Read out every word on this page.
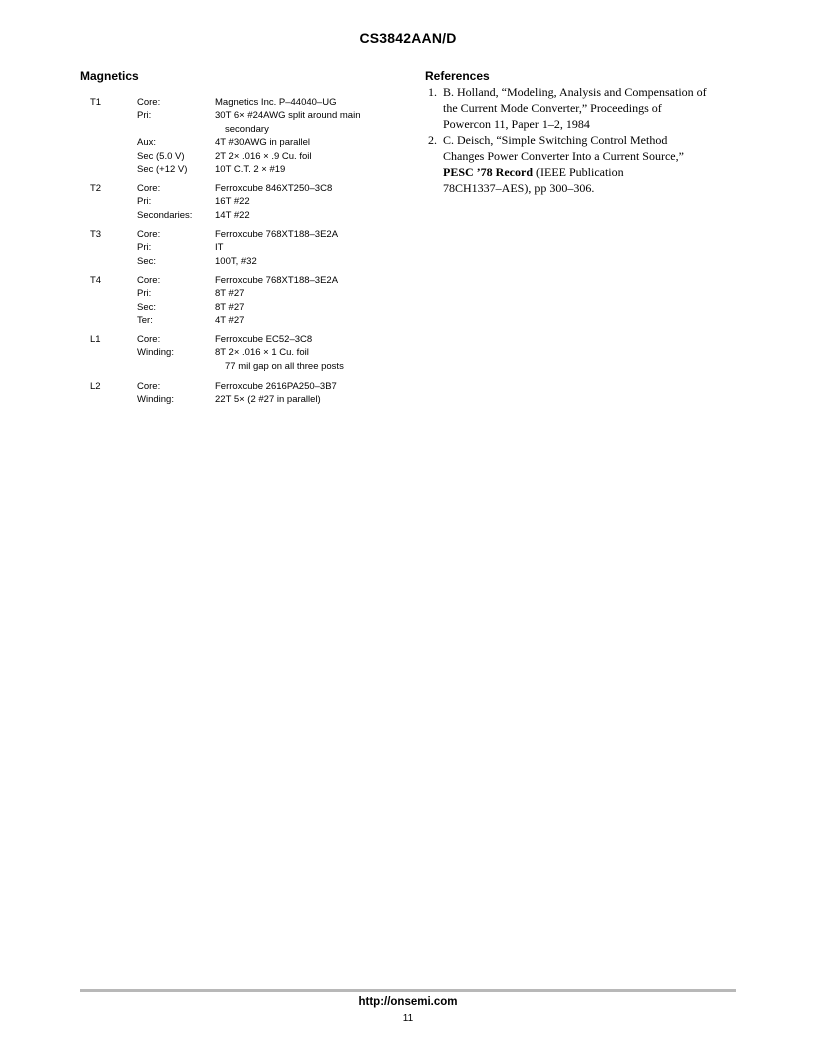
CS3842AAN/D
Magnetics
T1	Core:	Magnetics Inc. P–44040–UG
Pri:	30T 6× #24AWG split around main
secondary
Aux:	4T #30AWG in parallel
Sec (5.0 V)	2T 2× .016 × .9 Cu. foil
Sec (+12 V)	10T C.T. 2 × #19
T2	Core:	Ferroxcube 846XT250–3C8
Pri:	16T #22
Secondaries: 14T #22
T3	Core:	Ferroxcube 768XT188–3E2A
Pri:	IT
Sec:	100T, #32
T4	Core:	Ferroxcube 768XT188–3E2A
Pri:	8T #27
Sec:	8T #27
Ter:	4T #27
L1	Core:	Ferroxcube EC52–3C8
Winding:	8T 2× .016 × 1 Cu. foil
77 mil gap on all three posts
L2	Core:	Ferroxcube 2616PA250–3B7
Winding:	22T 5× (2 #27 in parallel)
References
1. B. Holland, “Modeling, Analysis and Compensation of
the Current Mode Converter,” Proceedings of
Powercon 11, Paper 1–2, 1984
2. C. Deisch, “Simple Switching Control Method
Changes Power Converter Into a Current Source,”
PESC ’78 Record (IEEE Publication
78CH1337–AES), pp 300–306.
http://onsemi.com
11
